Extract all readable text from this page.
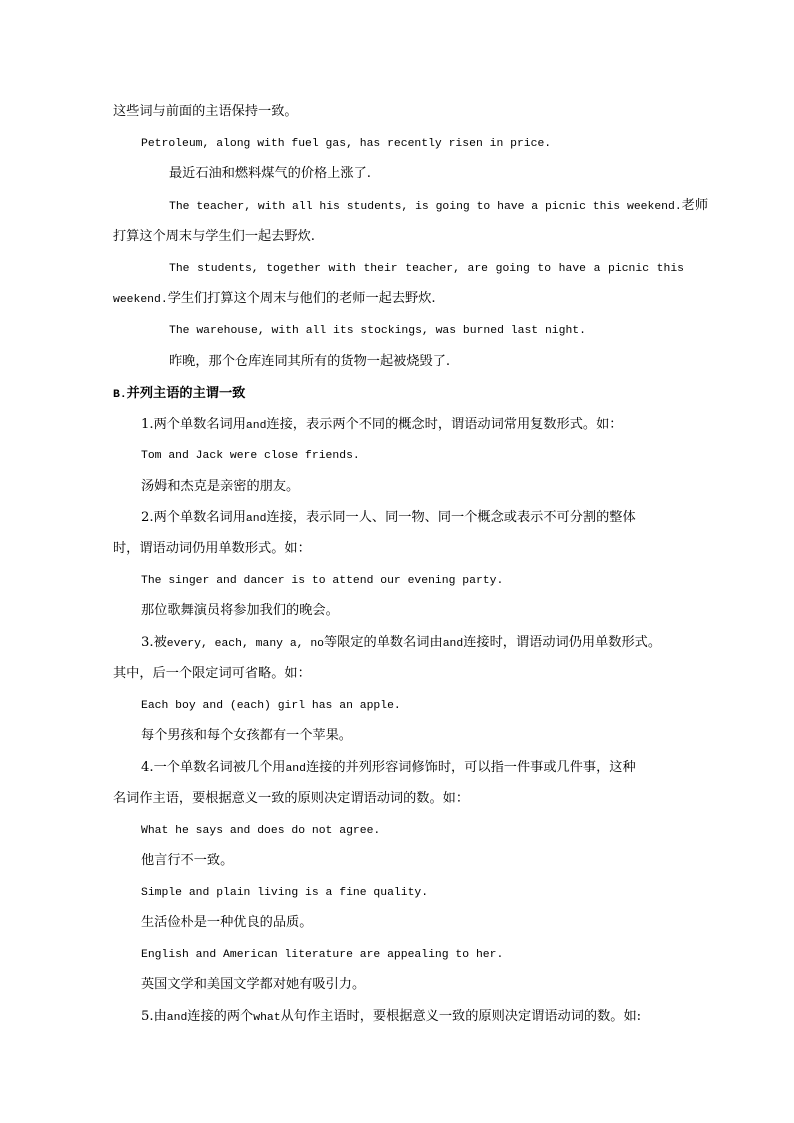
这些词与前面的主语保持一致。
Petroleum, along with fuel gas, has recently risen in price.
最近石油和燃料煤气的价格上涨了.
The teacher, with all his students, is going to have a picnic this weekend.老师
打算这个周末与学生们一起去野炊.
The students, together with their teacher, are going to have a picnic this
weekend.学生们打算这个周末与他们的老师一起去野炊.
The warehouse, with all its stockings, was burned last night.
昨晚，那个仓库连同其所有的货物一起被烧毁了.
B.并列主语的主谓一致
1.两个单数名词用and连接，表示两个不同的概念时，谓语动词常用复数形式。如：
Tom and Jack were close friends.
汤姆和杰克是亲密的朋友。
2.两个单数名词用and连接，表示同一人、同一物、同一个概念或表示不可分割的整体
时，谓语动词仍用单数形式。如：
The singer and dancer is to attend our evening party.
那位歌舞演员将参加我们的晚会。
3.被every, each, many a, no等限定的单数名词由and连接时，谓语动词仍用单数形式。
其中，后一个限定词可省略。如：
Each boy and (each) girl has an apple.
每个男孩和每个女孩都有一个苹果。
4.一个单数名词被几个用and连接的并列形容词修饰时，可以指一件事或几件事，这种
名词作主语，要根据意义一致的原则决定谓语动词的数。如：
What he says and does do not agree.
他言行不一致。
Simple and plain living is a fine quality.
生活俭朴是一种优良的品质。
English and American literature are appealing to her.
英国文学和美国文学都对她有吸引力。
5.由and连接的两个what从句作主语时，要根据意义一致的原则决定谓语动词的数。如:
